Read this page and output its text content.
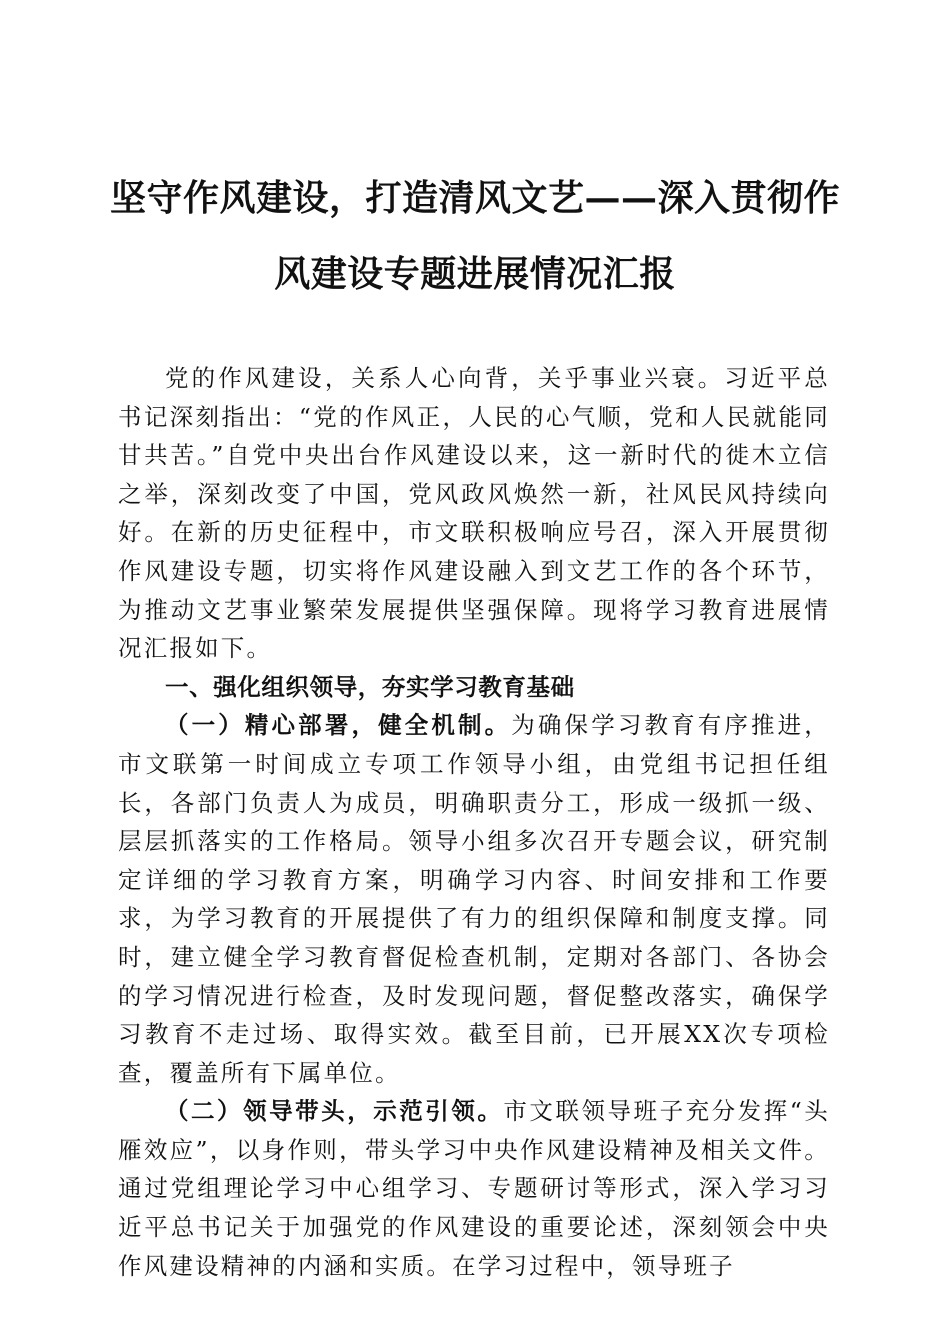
坚守作风建设，打造清风文艺——深入贯彻作风建设专题进展情况汇报

党的作风建设，关系人心向背，关乎事业兴衰。习近平总书记深刻指出：“党的作风正，人民的心气顺，党和人民就能同甘共苦。”自党中央出台作风建设以来，这一新时代的徙木立信之举，深刻改变了中国，党风政风焕然一新，社风民风持续向好。在新的历史征程中，市文联积极响应号召，深入开展贯彻作风建设专题，切实将作风建设融入到文艺工作的各个环节，为推动文艺事业繁荣发展提供坚强保障。现将学习教育进展情况汇报如下。

一、强化组织领导，夯实学习教育基础

（一）精心部署，健全机制。为确保学习教育有序推进，市文联第一时间成立专项工作领导小组，由党组书记担任组长，各部门负责人为成员，明确职责分工，形成一级抓一级、层层抓落实的工作格局。领导小组多次召开专题会议，研究制定详细的学习教育方案，明确学习内容、时间安排和工作要求，为学习教育的开展提供了有力的组织保障和制度支撑。同时，建立健全学习教育督促检查机制，定期对各部门、各协会的学习情况进行检查，及时发现问题，督促整改落实，确保学习教育不走过场、取得实效。截至目前，已开展XX次专项检查，覆盖所有下属单位。

（二）领导带头，示范引领。市文联领导班子充分发挥“头雁效应”，以身作则，带头学习中央作风建设精神及相关文件。通过党组理论学习中心组学习、专题研讨等形式，深入学习习近平总书记关于加强党的作风建设的重要论述，深刻领会中央作风建设精神的内涵和实质。在学习过程中，领导班子
